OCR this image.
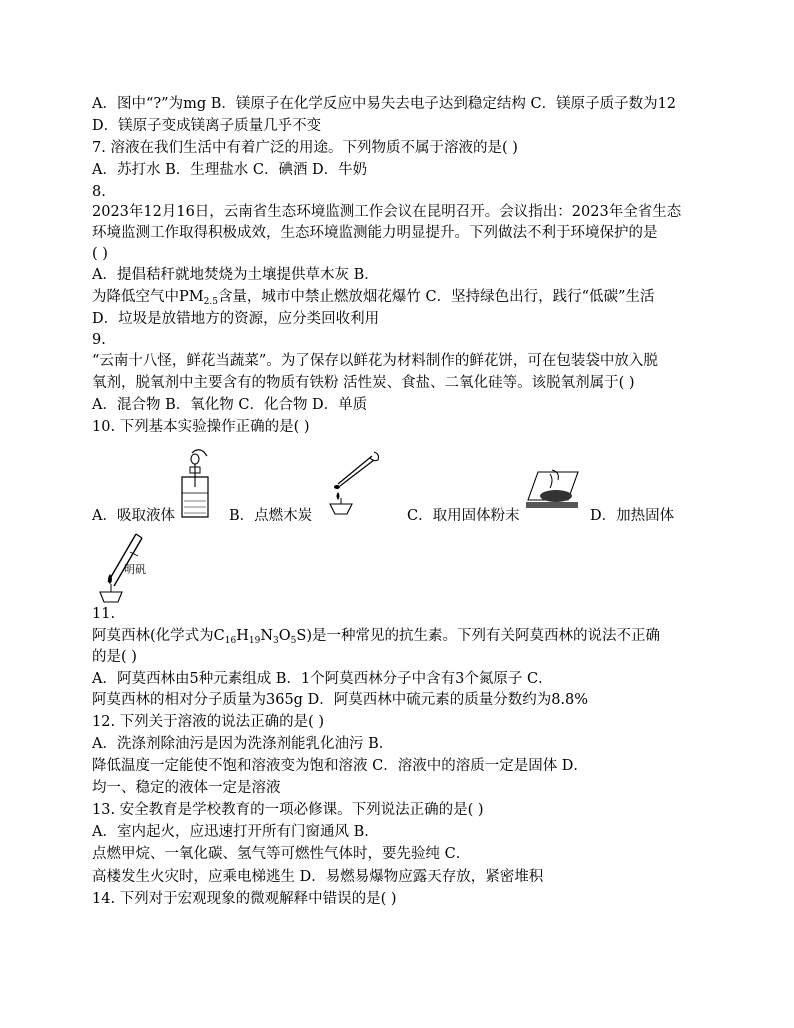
A．图中“?”为mg B．镁原子在化学反应中易失去电子达到稳定结构 C．镁原子质子数为12
D．镁原子变成镁离子质量几乎不变
7. 溶液在我们生活中有着广泛的用途。下列物质不属于溶液的是( )
A．苏打水 B．生理盐水 C．碘酒 D．牛奶
8.
2023年12月16日，云南省生态环境监测工作会议在昆明召开。会议指出：2023年全省生态
环境监测工作取得积极成效，生态环境监测能力明显提升。下列做法不利于环境保护的是
( )
A．提倡秸秆就地焚烧为土壤提供草木灰 B．
为降低空气中$PM_{2.5}$含量，城市中禁止燃放烟花爆竹 C．坚持绿色出行，践行“低碳”生活
D．垃圾是放错地方的资源，应分类回收利用
9.
“云南十八怪，鲜花当蔬菜”。为了保存以鲜花为材料制作的鲜花饼，可在包装袋中放入脱
氧剂，脱氧剂中主要含有的物质有铁粉 活性炭、食盐、二氧化硅等。该脱氧剂属于( )
A．混合物 B．氧化物 C．化合物 D．单质
10. 下列基本实验操作正确的是( )
A．吸取液体	B．点燃木炭	C．取用固体粉末	D．加热固体
明矾
11.
阿莫西林(化学式为$C_{16}H_{19}N_3O_5S$)是一种常见的抗生素。下列有关阿莫西林的说法不正确
的是( )
A．阿莫西林由5种元素组成 B．1个阿莫西林分子中含有3个氮原子 C．
阿莫西林的相对分子质量为365g D．阿莫西林中硫元素的质量分数约为8.8%
12. 下列关于溶液的说法正确的是( )
A．洗涤剂除油污是因为洗涤剂能乳化油污 B．
降低温度一定能使不饱和溶液变为饱和溶液 C．溶液中的溶质一定是固体 D．
均一、稳定的液体一定是溶液
13. 安全教育是学校教育的一项必修课。下列说法正确的是( )
A．室内起火，应迅速打开所有门窗通风 B．
点燃甲烷、一氧化碳、氢气等可燃性气体时，要先验纯 C．
高楼发生火灾时，应乘电梯逃生 D．易燃易爆物应露天存放，紧密堆积
14. 下列对于宏观现象的微观解释中错误的是( )
